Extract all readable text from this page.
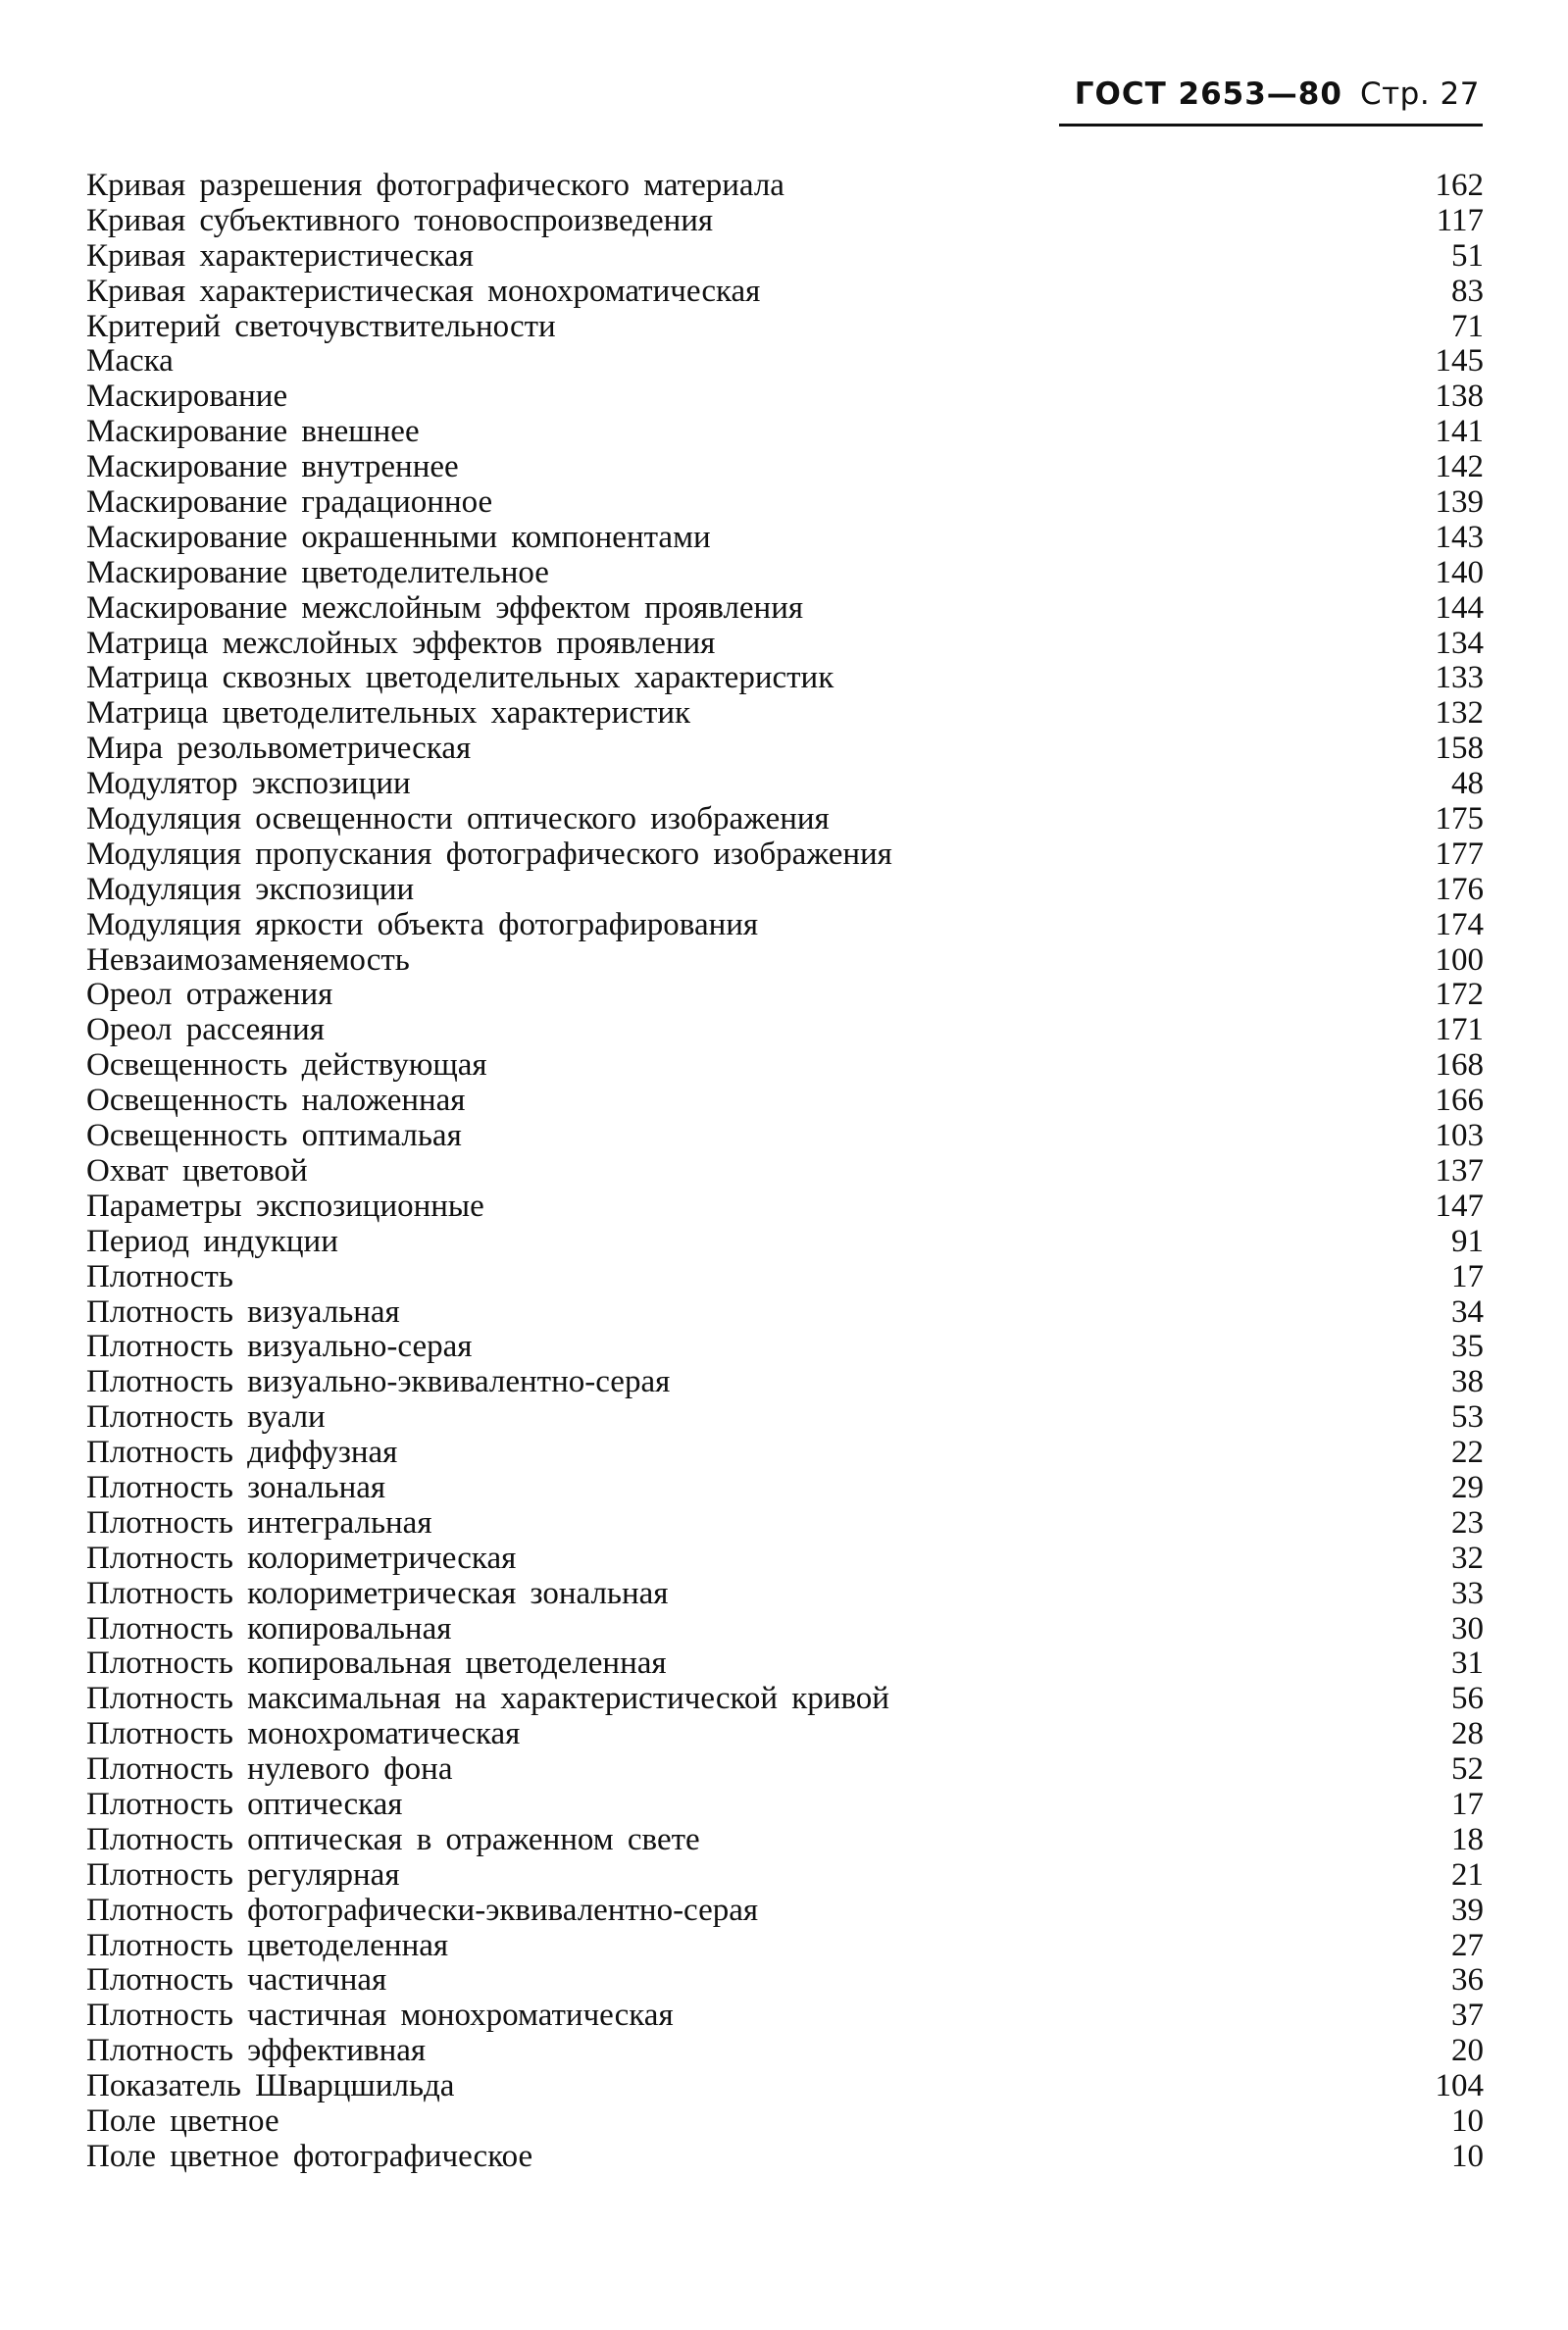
ГОСТ 2653—80 Стр. 27
Кривая разрешения фотографического материала	162
Кривая субъективного тоновоспроизведения	117
Кривая характеристическая	51
Кривая характеристическая монохроматическая	83
Критерий светочувствительности	71
Маска	145
Маскирование	138
Маскирование внешнее	141
Маскирование внутреннее	142
Маскирование градационное	139
Маскирование окрашенными компонентами	143
Маскирование цветоделительное	140
Маскирование межслойным эффектом проявления	144
Матрица межслойных эффектов проявления	134
Матрица сквозных цветоделительных характеристик	133
Матрица цветоделительных характеристик	132
Мира резольвометрическая	158
Модулятор экспозиции	48
Модуляция освещенности оптического изображения	175
Модуляция пропускания фотографического изображения	177
Модуляция экспозиции	176
Модуляция яркости объекта фотографирования	174
Невзаимозаменяемость	100
Ореол отражения	172
Ореол рассеяния	171
Освещенность действующая	168
Освещенность наложенная	166
Освещенность оптимальая	103
Охват цветовой	137
Параметры экспозиционные	147
Период индукции	91
Плотность	17
Плотность визуальная	34
Плотность визуально-серая	35
Плотность визуально-эквивалентно-серая	38
Плотность вуали	53
Плотность диффузная	22
Плотность зональная	29
Плотность интегральная	23
Плотность колориметрическая	32
Плотность колориметрическая зональная	33
Плотность копировальная	30
Плотность копировальная цветоделенная	31
Плотность максимальная на характеристической кривой	56
Плотность монохроматическая	28
Плотность нулевого фона	52
Плотность оптическая	17
Плотность оптическая в отраженном свете	18
Плотность регулярная	21
Плотность фотографически-эквивалентно-серая	39
Плотность цветоделенная	27
Плотность частичная	36
Плотность частичная монохроматическая	37
Плотность эффективная	20
Показатель Шварцшильда	104
Поле цветное	10
Поле цветное фотографическое	10
